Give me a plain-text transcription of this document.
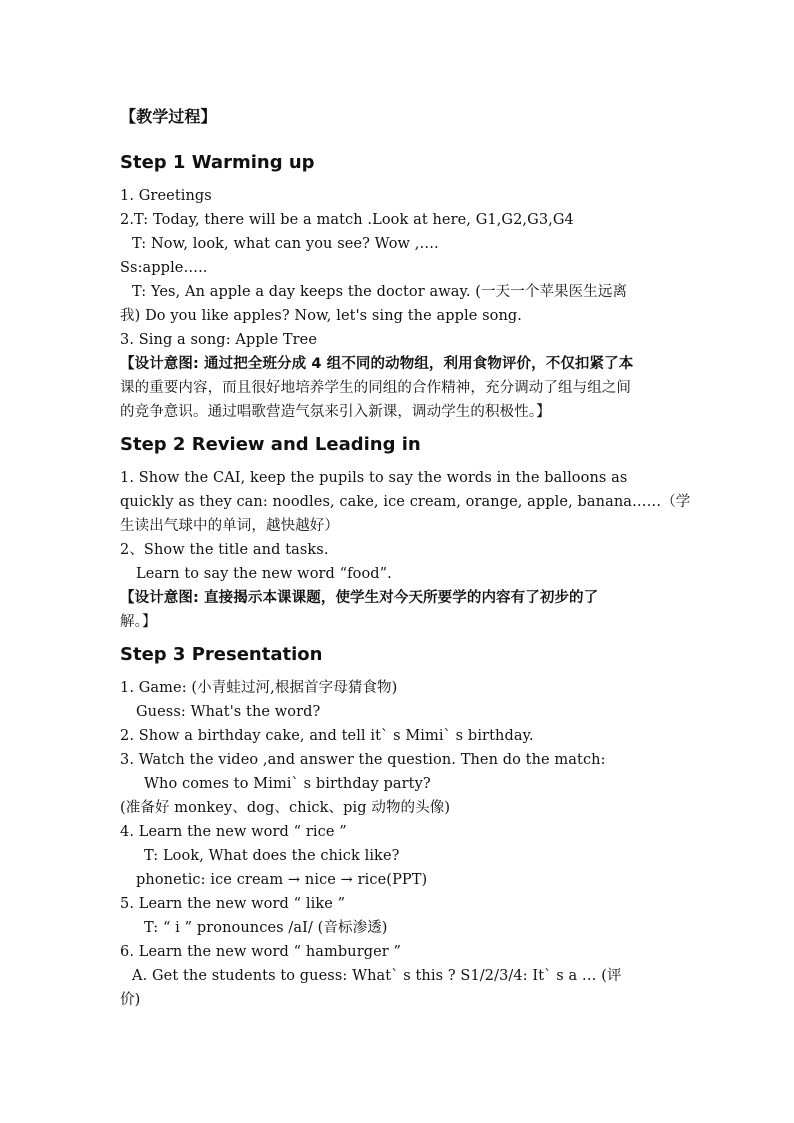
【教学过程】
Step 1 Warming up
1. Greetings
2.T: Today, there will be a match .Look at here, G1,G2,G3,G4
T: Now, look, what can you see? Wow ,….
Ss:apple…..
T: Yes, An apple a day keeps the doctor away. (一天一个苹果医生远离
我) Do you like apples? Now, let's sing the apple song.
3. Sing a song: Apple Tree
【设计意图: 通过把全班分成 4 组不同的动物组，利用食物评价，不仅扣紧了本
课的重要内容，而且很好地培养学生的同组的合作精神，充分调动了组与组之间
的竞争意识。通过唱歌营造气氛来引入新课，调动学生的积极性。】
Step 2 Review and Leading in
1. Show the CAI, keep the pupils to say the words in the balloons as
quickly as they can: noodles, cake, ice cream, orange, apple, banana……（学
生读出气球中的单词，越快越好）
2、Show the title and tasks.
Learn to say the new word “food”.
【设计意图: 直接揭示本课课题，使学生对今天所要学的内容有了初步的了
解。】
Step 3 Presentation
1. Game: (小青蛙过河,根据首字母猜食物)
Guess: What's the word?
2. Show a birthday cake, and tell it` s Mimi` s birthday.
3. Watch the video ,and answer the question. Then do the match:
Who comes to Mimi` s birthday party?
(准备好 monkey、dog、chick、pig 动物的头像)
4. Learn the new word “ rice ”
T: Look, What does the chick like?
phonetic: ice cream → nice → rice(PPT)
5. Learn the new word “ like ”
T: “ i ” pronounces /aI/ (音标渗透)
6. Learn the new word “ hamburger ”
A. Get the students to guess: What` s this ? S1/2/3/4: It` s a … (评
价)
